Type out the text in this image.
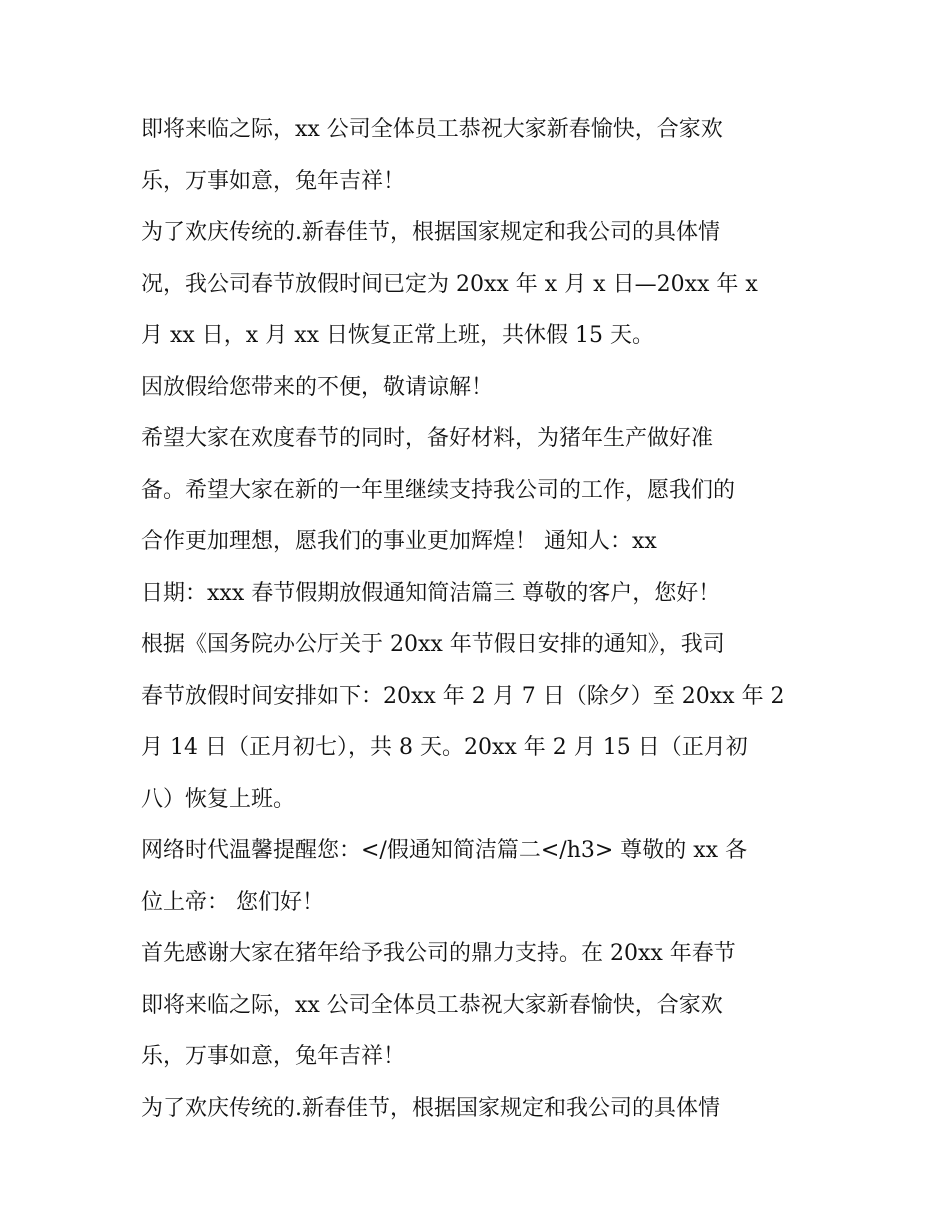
即将来临之际，xx 公司全体员工恭祝大家新春愉快，合家欢
乐，万事如意，兔年吉祥！
为了欢庆传统的.新春佳节，根据国家规定和我公司的具体情
况，我公司春节放假时间已定为 20xx 年 x 月 x 日—20xx 年 x
月 xx 日，x 月 xx 日恢复正常上班，共休假 15 天。
因放假给您带来的不便，敬请谅解！
希望大家在欢度春节的同时，备好材料，为猪年生产做好准
备。希望大家在新的一年里继续支持我公司的工作，愿我们的
合作更加理想，愿我们的事业更加辉煌！ 通知人：xx
日期：xxx 春节假期放假通知简洁篇三 尊敬的客户，您好！
根据《国务院办公厅关于 20xx 年节假日安排的通知》，我司
春节放假时间安排如下：20xx 年 2 月 7 日（除夕）至 20xx 年 2
月 14 日（正月初七），共 8 天。20xx 年 2 月 15 日（正月初
八）恢复上班。
网络时代温馨提醒您：</假通知简洁篇二</h3> 尊敬的 xx 各
位上帝： 您们好！
首先感谢大家在猪年给予我公司的鼎力支持。在 20xx 年春节
即将来临之际，xx 公司全体员工恭祝大家新春愉快，合家欢
乐，万事如意，兔年吉祥！
为了欢庆传统的.新春佳节，根据国家规定和我公司的具体情
